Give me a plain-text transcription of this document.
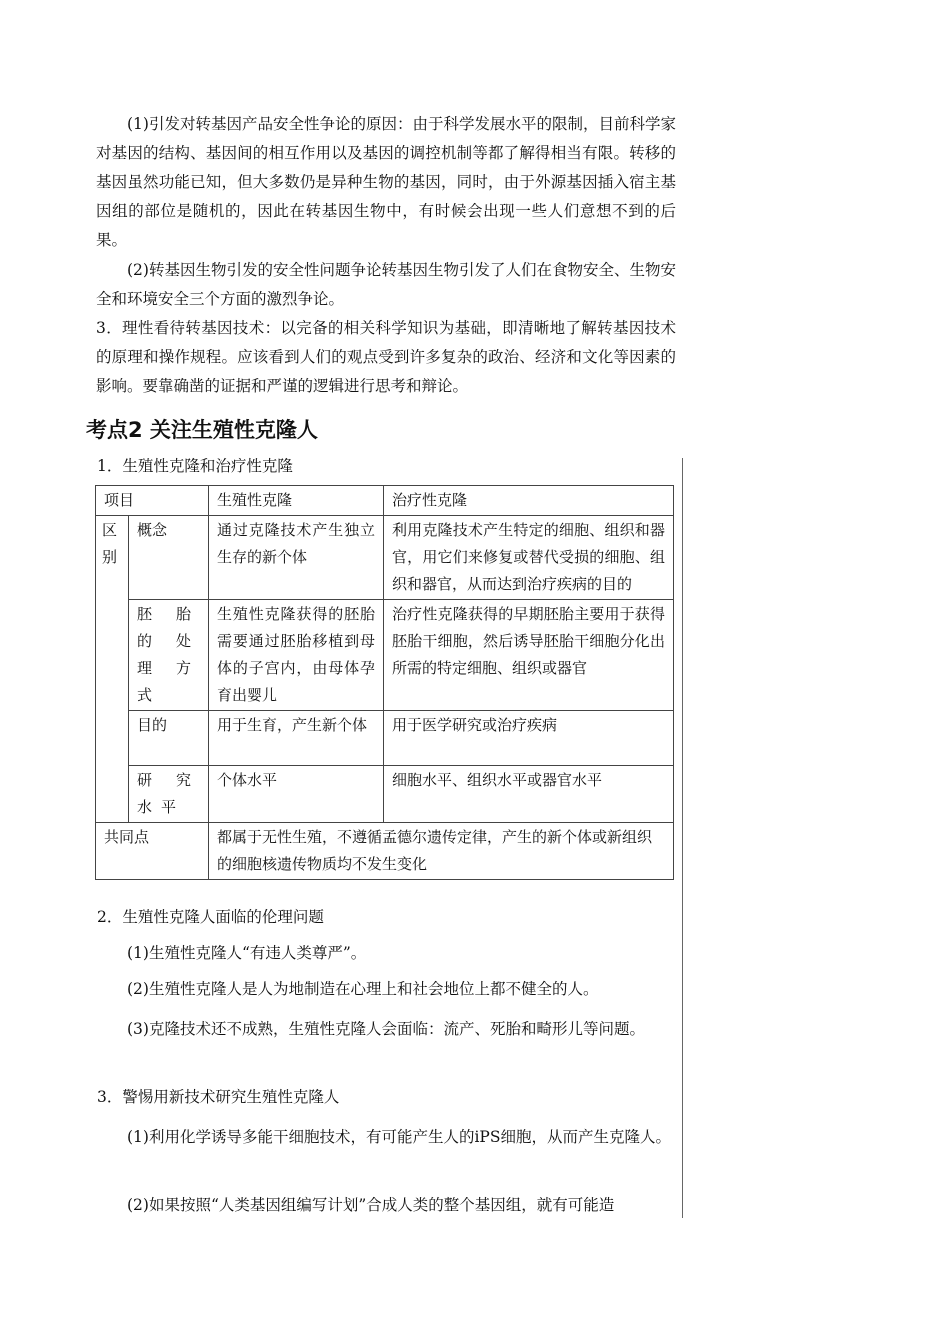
(1)引发对转基因产品安全性争论的原因：由于科学发展水平的限制，目前科学家对基因的结构、基因间的相互作用以及基因的调控机制等都了解得相当有限。转移的基因虽然功能已知，但大多数仍是异种生物的基因，同时，由于外源基因插入宿主基因组的部位是随机的，因此在转基因生物中，有时候会出现一些人们意想不到的后果。
(2)转基因生物引发的安全性问题争论转基因生物引发了人们在食物安全、生物安全和环境安全三个方面的激烈争论。
3．理性看待转基因技术：以完备的相关科学知识为基础，即清晰地了解转基因技术的原理和操作规程。应该看到人们的观点受到许多复杂的政治、经济和文化等因素的影响。要靠确凿的证据和严谨的逻辑进行思考和辩论。
考点2 关注生殖性克隆人
1．生殖性克隆和治疗性克隆
项目		生殖性克隆	治疗性克隆
区别	概念	通过克隆技术产生独立生存的新个体	利用克隆技术产生特定的细胞、组织和器官，用它们来修复或替代受损的细胞、组织和器官，从而达到治疗疾病的目的
	胚胎的处理方式	生殖性克隆获得的胚胎需要通过胚胎移植到母体的子宫内，由母体孕育出婴儿	治疗性克隆获得的早期胚胎主要用于获得胚胎干细胞，然后诱导胚胎干细胞分化出所需的特定细胞、组织或器官
	目的	用于生育，产生新个体	用于医学研究或治疗疾病
	研究水平	个体水平	细胞水平、组织水平或器官水平
共同点		都属于无性生殖，不遵循孟德尔遗传定律，产生的新个体或新组织的细胞核遗传物质均不发生变化	
2．生殖性克隆人面临的伦理问题
(1)生殖性克隆人“有违人类尊严”。
(2)生殖性克隆人是人为地制造在心理上和社会地位上都不健全的人。
(3)克隆技术还不成熟，生殖性克隆人会面临：流产、死胎和畸形儿等问题。
3．警惕用新技术研究生殖性克隆人
(1)利用化学诱导多能干细胞技术，有可能产生人的iPS细胞，从而产生克隆人。
(2)如果按照“人类基因组编写计划”合成人类的整个基因组，就有可能造
